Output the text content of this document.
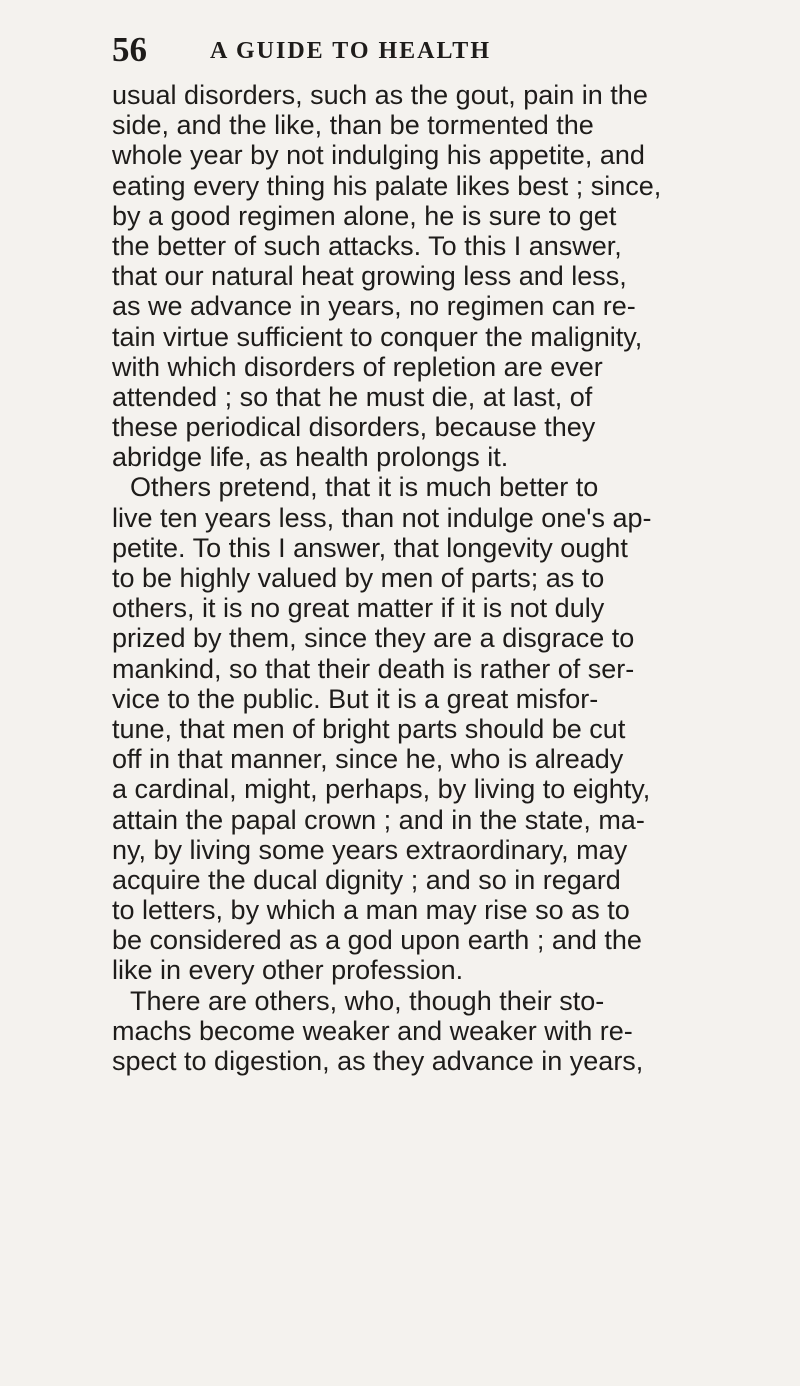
56	A GUIDE TO HEALTH
usual disorders, such as the gout, pain in the
side, and the like, than be tormented the
whole year by not indulging his appetite, and
eating every thing his palate likes best ; since,
by a good regimen alone, he is sure to get
the better of such attacks. To this I answer,
that our natural heat growing less and less,
as we advance in years, no regimen can re-
tain virtue sufficient to conquer the malignity,
with which disorders of repletion are ever
attended ; so that he must die, at last, of
these periodical disorders, because they
abridge life, as health prolongs it.
Others pretend, that it is much better to
live ten years less, than not indulge one's ap-
petite. To this I answer, that longevity ought
to be highly valued by men of parts; as to
others, it is no great matter if it is not duly
prized by them, since they are a disgrace to
mankind, so that their death is rather of ser-
vice to the public. But it is a great misfor-
tune, that men of bright parts should be cut
off in that manner, since he, who is already
a cardinal, might, perhaps, by living to eighty,
attain the papal crown ; and in the state, ma-
ny, by living some years extraordinary, may
acquire the ducal dignity ; and so in regard
to letters, by which a man may rise so as to
be considered as a god upon earth ; and the
like in every other profession.
There are others, who, though their sto-
machs become weaker and weaker with re-
spect to digestion, as they advance in years,
